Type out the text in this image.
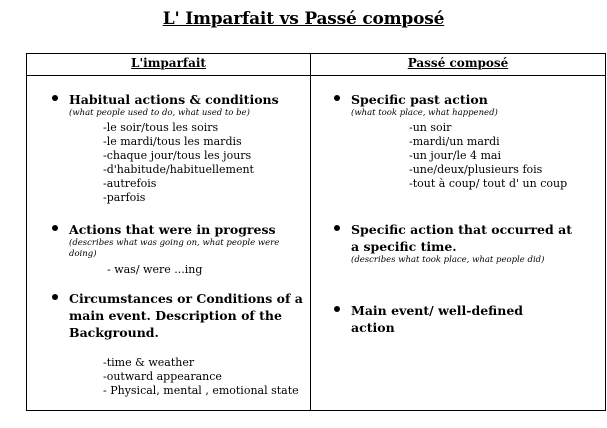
L' Imparfait vs Passé composé
L'imparfait	Passé composé
Habitual actions & conditions
(what people used to do, what used to be)
-le soir/tous les soirs
-le mardi/tous les mardis
-chaque jour/tous les jours
-d'habitude/habituellement
-autrefois
-parfois
Actions that were in progress
(describes what was going on, what people were
doing)
- was/ were ...ing
Circumstances or Conditions of a
main event. Description of the
Background.
-time & weather
-outward appearance
- Physical, mental , emotional state
Specific past action
(what took place, what happened)
-un soir
-mardi/un mardi
-un jour/le 4 mai
-une/deux/plusieurs fois
-tout à coup/ tout d' un coup
Specific action that occurred at
a specific time.
(describes what took place, what people did)
Main event/ well-defined
action
